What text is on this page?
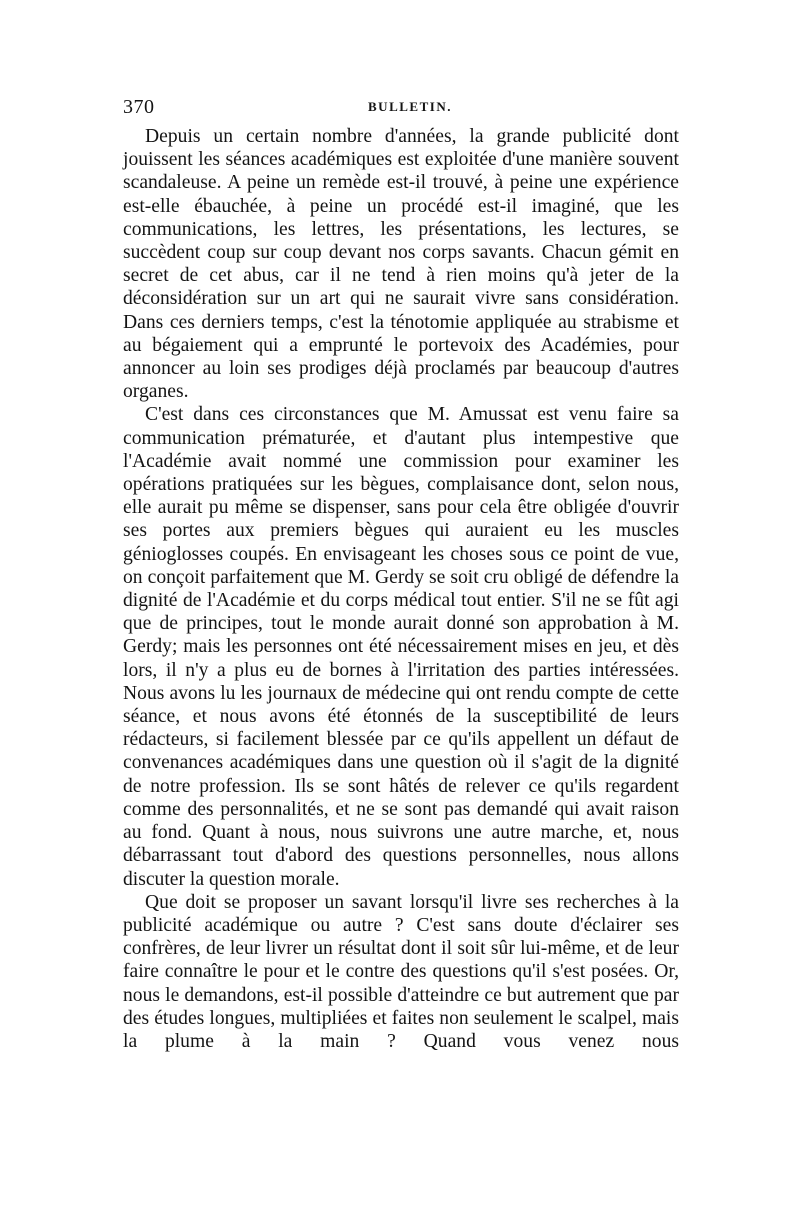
370	BULLETIN.

Depuis un certain nombre d'années, la grande publicité dont jouissent les séances académiques est exploitée d'une manière souvent scandaleuse. A peine un remède est-il trouvé, à peine une expérience est-elle ébauchée, à peine un procédé est-il imaginé, que les communications, les lettres, les présentations, les lectures, se succèdent coup sur coup devant nos corps savants. Chacun gémit en secret de cet abus, car il ne tend à rien moins qu'à jeter de la déconsidération sur un art qui ne saurait vivre sans considération. Dans ces derniers temps, c'est la ténotomie appliquée au strabisme et au bégaiement qui a emprunté le portevoix des Académies, pour annoncer au loin ses prodiges déjà proclamés par beaucoup d'autres organes.

C'est dans ces circonstances que M. Amussat est venu faire sa communication prématurée, et d'autant plus intempestive que l'Académie avait nommé une commission pour examiner les opérations pratiquées sur les bègues, complaisance dont, selon nous, elle aurait pu même se dispenser, sans pour cela être obligée d'ouvrir ses portes aux premiers bègues qui auraient eu les muscles génioglosses coupés. En envisageant les choses sous ce point de vue, on conçoit parfaitement que M. Gerdy se soit cru obligé de défendre la dignité de l'Académie et du corps médical tout entier. S'il ne se fût agi que de principes, tout le monde aurait donné son approbation à M. Gerdy; mais les personnes ont été nécessairement mises en jeu, et dès lors, il n'y a plus eu de bornes à l'irritation des parties intéressées. Nous avons lu les journaux de médecine qui ont rendu compte de cette séance, et nous avons été étonnés de la susceptibilité de leurs rédacteurs, si facilement blessée par ce qu'ils appellent un défaut de convenances académiques dans une question où il s'agit de la dignité de notre profession. Ils se sont hâtés de relever ce qu'ils regardent comme des personnalités, et ne se sont pas demandé qui avait raison au fond. Quant à nous, nous suivrons une autre marche, et, nous débarrassant tout d'abord des questions personnelles, nous allons discuter la question morale.

Que doit se proposer un savant lorsqu'il livre ses recherches à la publicité académique ou autre ? C'est sans doute d'éclairer ses confrères, de leur livrer un résultat dont il soit sûr lui-même, et de leur faire connaître le pour et le contre des questions qu'il s'est posées. Or, nous le demandons, est-il possible d'atteindre ce but autrement que par des études longues, multipliées et faites non seulement le scalpel, mais la plume à la main ? Quand vous venez nous
